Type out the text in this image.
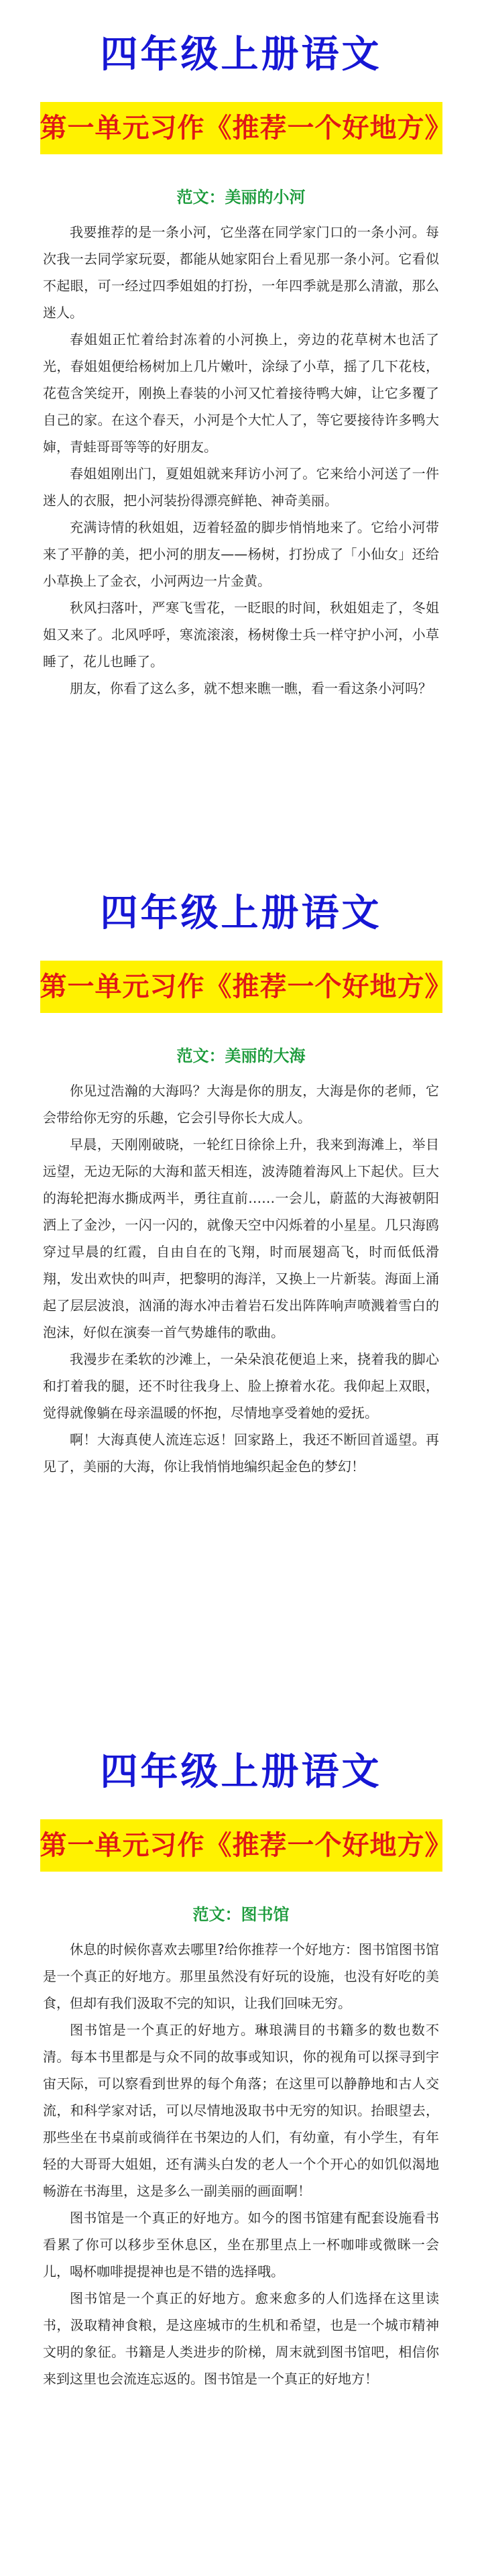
四年级上册语文
第一单元习作《推荐一个好地方》
范文：美丽的小河

我要推荐的是一条小河，它坐落在同学家门口的一条小河。每次我一去同学家玩耍，都能从她家阳台上看见那一条小河。它看似不起眼，可一经过四季姐姐的打扮，一年四季就是那么清澈，那么迷人。

春姐姐正忙着给封冻着的小河换上，旁边的花草树木也活了光，春姐姐便给杨树加上几片嫩叶，涂绿了小草，摇了几下花枝，花苞含笑绽开，刚换上春装的小河又忙着接待鸭大婶，让它多覆了自己的家。在这个春天，小河是个大忙人了，等它要接待许多鸭大婶，青蛙哥哥等等的好朋友。

春姐姐刚出门，夏姐姐就来拜访小河了。它来给小河送了一件迷人的衣服，把小河装扮得漂亮鲜艳、神奇美丽。

充满诗情的秋姐姐，迈着轻盈的脚步悄悄地来了。它给小河带来了平静的美，把小河的朋友——杨树，打扮成了「小仙女」还给小草换上了金衣，小河两边一片金黄。

秋风扫落叶，严寒飞雪花，一眨眼的时间，秋姐姐走了，冬姐姐又来了。北风呼呼，寒流滚滚，杨树像士兵一样守护小河，小草睡了，花儿也睡了。

朋友，你看了这么多，就不想来瞧一瞧，看一看这条小河吗？

四年级上册语文
第一单元习作《推荐一个好地方》
范文：美丽的大海

你见过浩瀚的大海吗？大海是你的朋友，大海是你的老师，它会带给你无穷的乐趣，它会引导你长大成人。

早晨，天刚刚破晓，一轮红日徐徐上升，我来到海滩上，举目远望，无边无际的大海和蓝天相连，波涛随着海风上下起伏。巨大的海轮把海水撕成两半，勇往直前……一会儿，蔚蓝的大海被朝阳洒上了金沙，一闪一闪的，就像天空中闪烁着的小星星。几只海鸥穿过早晨的红霞，自由自在的飞翔，时而展翅高飞，时而低低滑翔，发出欢快的叫声，把黎明的海洋，又换上一片新装。海面上涌起了层层波浪，汹涌的海水冲击着岩石发出阵阵响声喷溅着雪白的泡沫，好似在演奏一首气势雄伟的歌曲。

我漫步在柔软的沙滩上，一朵朵浪花便追上来，挠着我的脚心和打着我的腿，还不时往我身上、脸上撩着水花。我仰起上双眼，觉得就像躺在母亲温暖的怀抱，尽情地享受着她的爱抚。

啊！大海真使人流连忘返！回家路上，我还不断回首遥望。再见了，美丽的大海，你让我悄悄地编织起金色的梦幻！

四年级上册语文
第一单元习作《推荐一个好地方》
范文：图书馆

休息的时候你喜欢去哪里?给你推荐一个好地方：图书馆图书馆是一个真正的好地方。那里虽然没有好玩的设施，也没有好吃的美食，但却有我们汲取不完的知识，让我们回味无穷。

图书馆是一个真正的好地方。琳琅满目的书籍多的数也数不清。每本书里都是与众不同的故事或知识，你的视角可以探寻到宇宙天际，可以察看到世界的每个角落；在这里可以静静地和古人交流，和科学家对话，可以尽情地汲取书中无穷的知识。抬眼望去，那些坐在书桌前或徜徉在书架边的人们，有幼童，有小学生，有年轻的大哥哥大姐姐，还有满头白发的老人一个个开心的如饥似渴地畅游在书海里，这是多么一副美丽的画面啊！

图书馆是一个真正的好地方。如今的图书馆建有配套设施看书看累了你可以移步至休息区，坐在那里点上一杯咖啡或微眯一会儿，喝杯咖啡提提神也是不错的选择哦。

图书馆是一个真正的好地方。愈来愈多的人们选择在这里读书，汲取精神食粮，是这座城市的生机和希望，也是一个城市精神文明的象征。书籍是人类进步的阶梯，周末就到图书馆吧，相信你来到这里也会流连忘返的。图书馆是一个真正的好地方！
